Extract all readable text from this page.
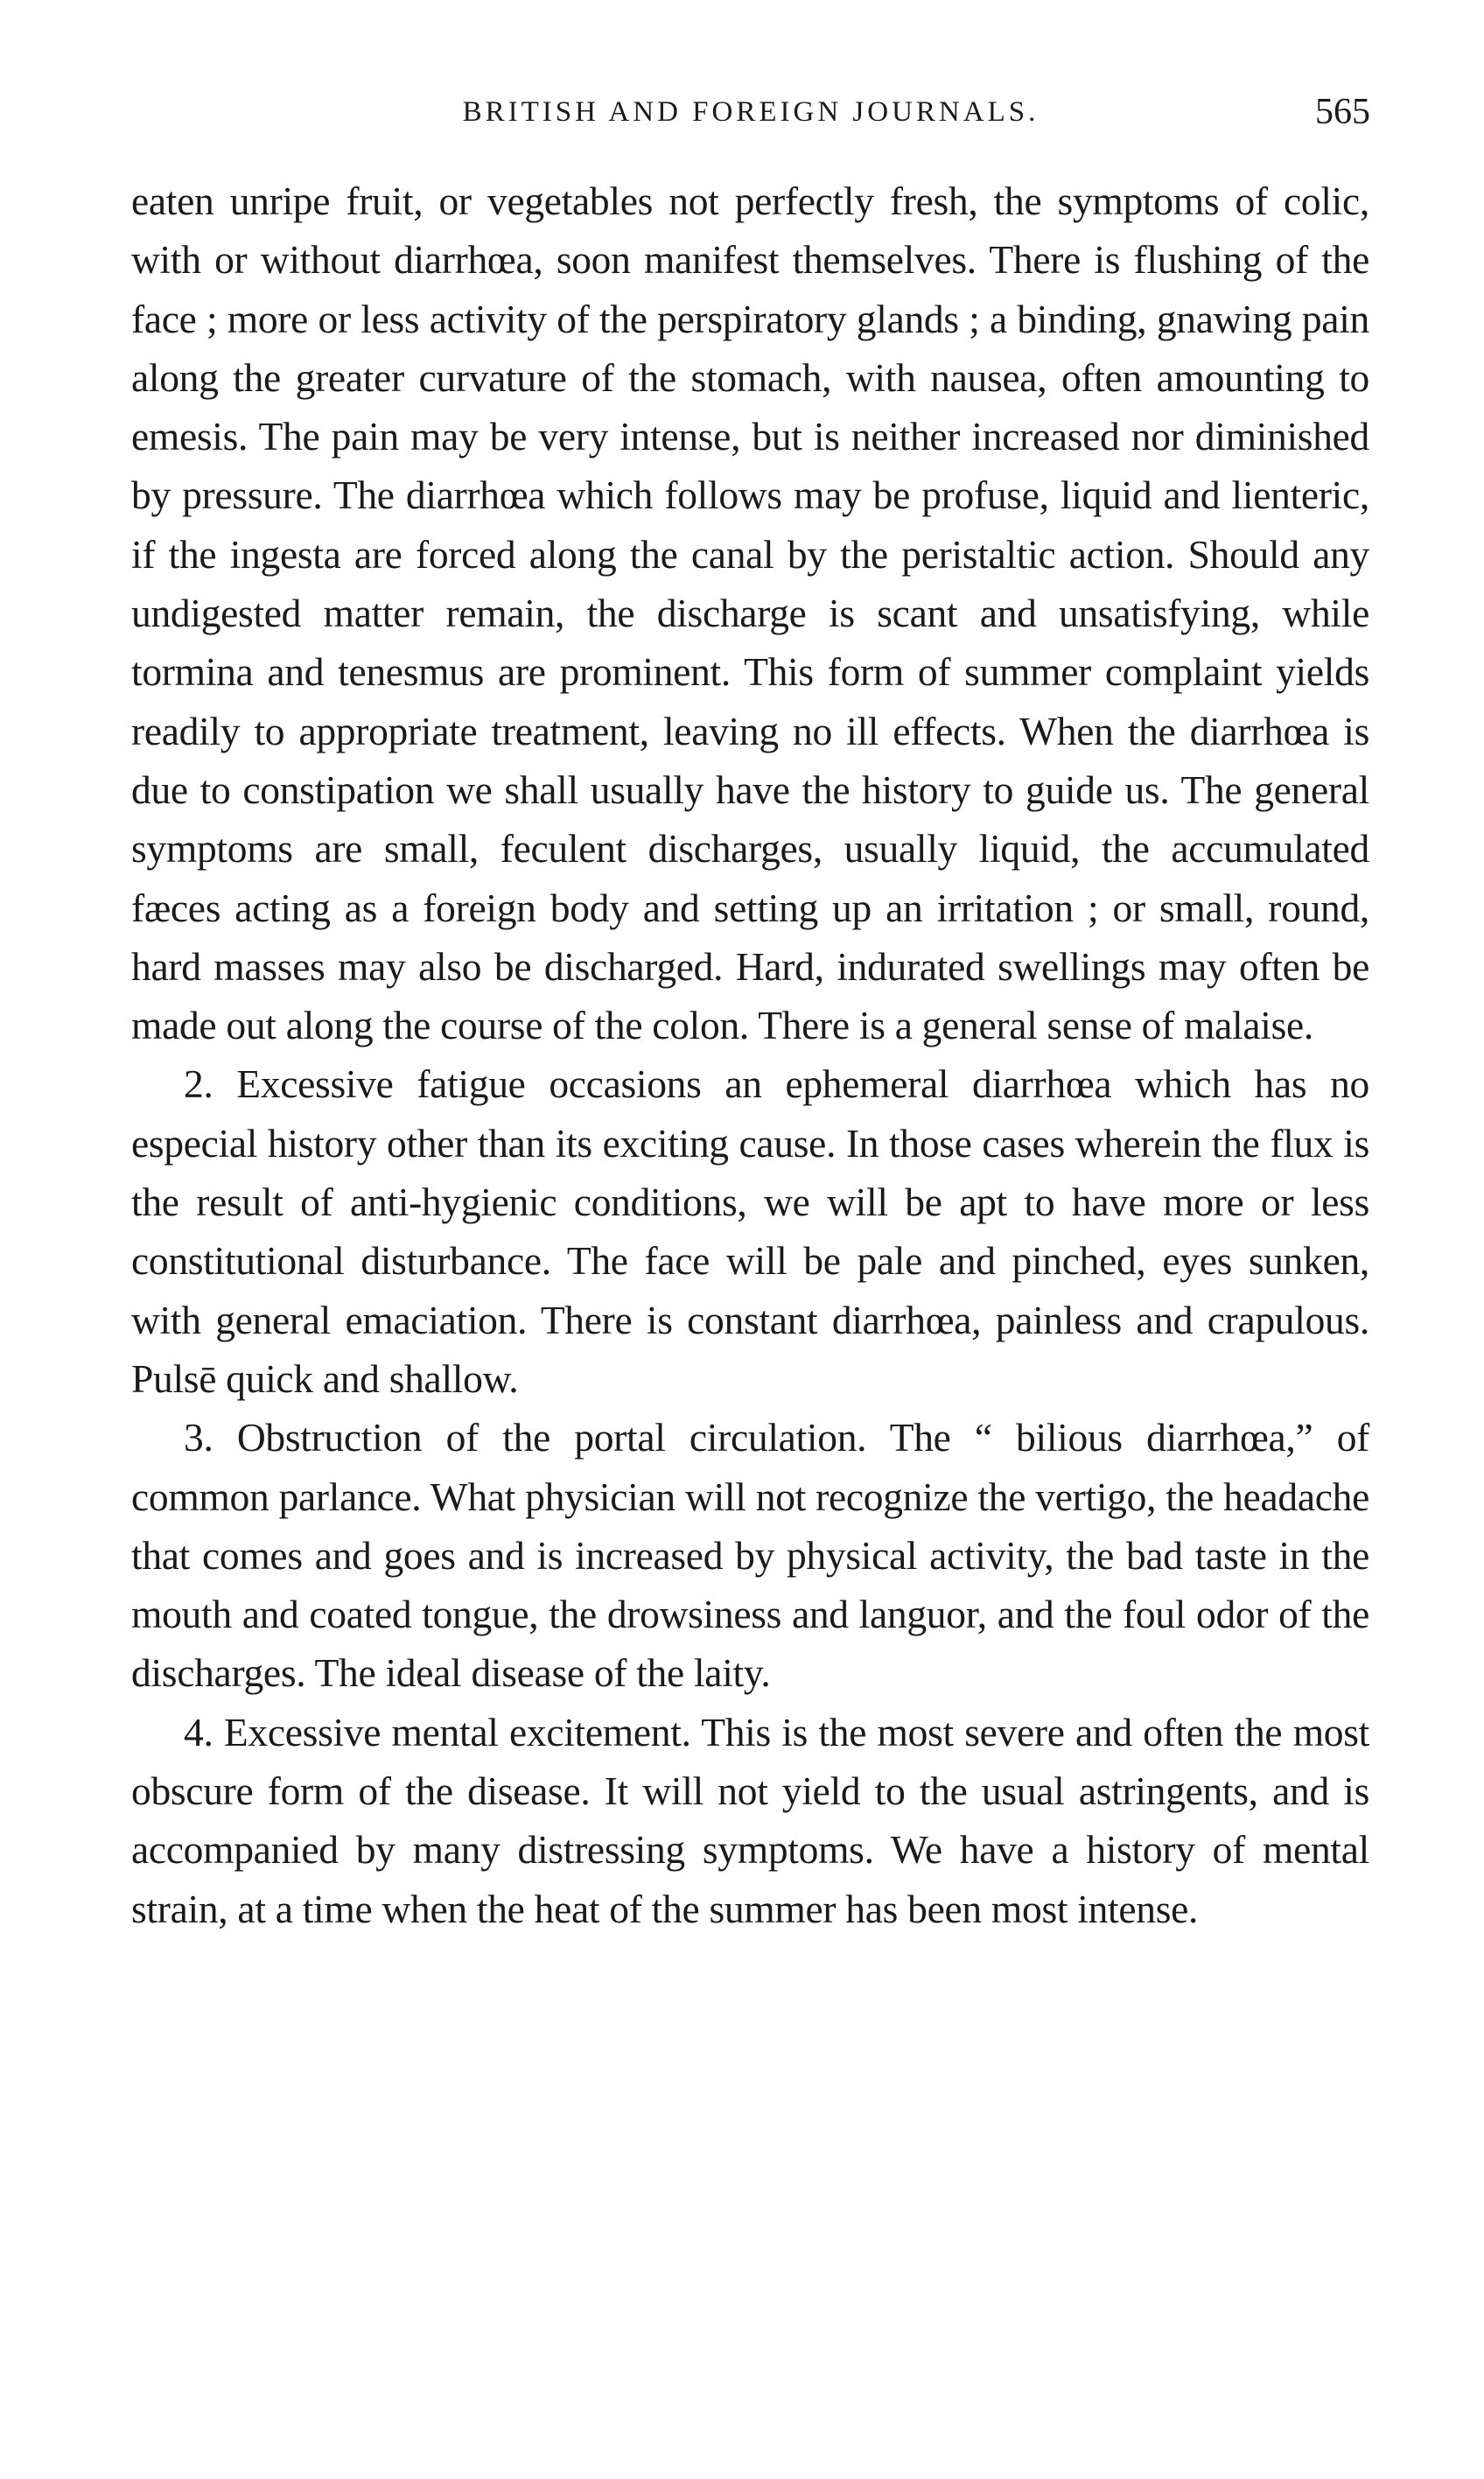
BRITISH AND FOREIGN JOURNALS.	565

eaten unripe fruit, or vegetables not perfectly fresh, the symptoms of colic, with or without diarrhœa, soon manifest themselves. There is flushing of the face ; more or less activity of the perspiratory glands ; a binding, gnawing pain along the greater curvature of the stomach, with nausea, often amounting to emesis. The pain may be very intense, but is neither increased nor diminished by pressure. The diarrhœa which follows may be profuse, liquid and lienteric, if the ingesta are forced along the canal by the peristaltic action. Should any undigested matter remain, the discharge is scant and unsatisfying, while tormina and tenesmus are prominent. This form of summer complaint yields readily to appropriate treatment, leaving no ill effects. When the diarrhœa is due to constipation we shall usually have the history to guide us. The general symptoms are small, feculent discharges, usually liquid, the accumulated fæces acting as a foreign body and setting up an irritation ; or small, round, hard masses may also be discharged. Hard, indurated swellings may often be made out along the course of the colon. There is a general sense of malaise.

2. Excessive fatigue occasions an ephemeral diarrhœa which has no especial history other than its exciting cause. In those cases wherein the flux is the result of anti-hygienic conditions, we will be apt to have more or less constitutional disturbance. The face will be pale and pinched, eyes sunken, with general emaciation. There is constant diarrhœa, painless and crapulous. Pulsē quick and shallow.

3. Obstruction of the portal circulation. The “ bilious diarrhœa,” of common parlance. What physician will not recognize the vertigo, the headache that comes and goes and is increased by physical activity, the bad taste in the mouth and coated tongue, the drowsiness and languor, and the foul odor of the discharges. The ideal disease of the laity.

4. Excessive mental excitement. This is the most severe and often the most obscure form of the disease. It will not yield to the usual astringents, and is accompanied by many distressing symptoms. We have a history of mental strain, at a time when the heat of the summer has been most intense.
